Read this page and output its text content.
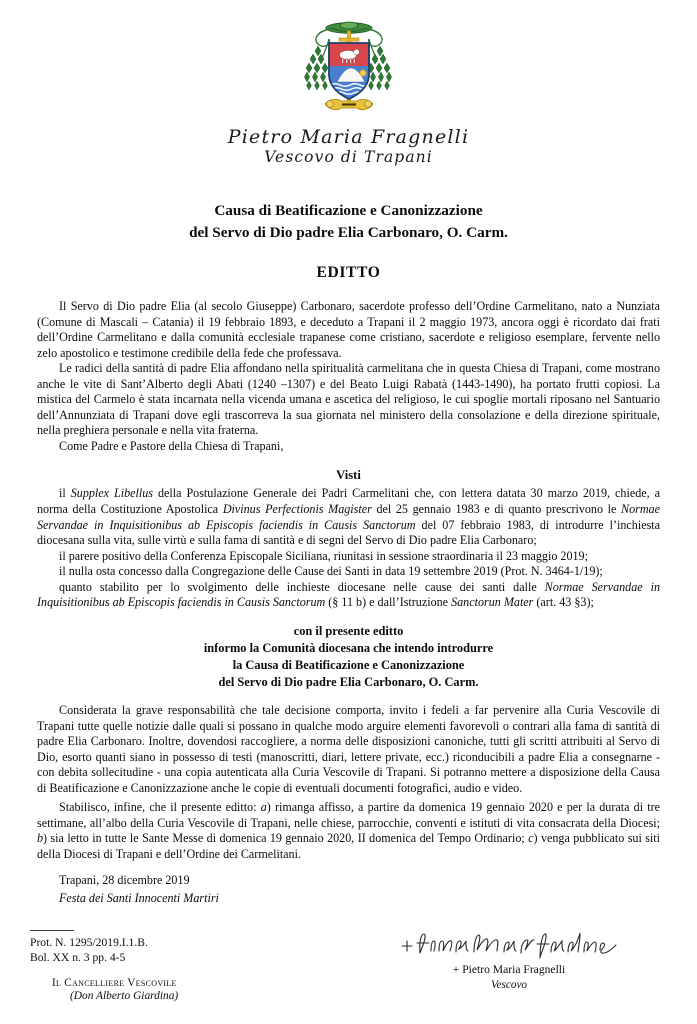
Pietro Maria Fragnelli
Vescovo di Trapani
Causa di Beatificazione e Canonizzazione
del Servo di Dio padre Elia Carbonaro, O. Carm.
EDITTO

Il Servo di Dio padre Elia (al secolo Giuseppe) Carbonaro, sacerdote professo dell’Ordine Carmelitano, nato a Nunziata (Comune di Mascali – Catania) il 19 febbraio 1893, e deceduto a Trapani il 2 maggio 1973, ancora oggi è ricordato dai frati dell’Ordine Carmelitano e dalla comunità ecclesiale trapanese come cristiano, sacerdote e religioso esemplare, fervente nello zelo apostolico e testimone credibile della fede che professava.

Le radici della santità di padre Elia affondano nella spiritualità carmelitana che in questa Chiesa di Trapani, come mostrano anche le vite di Sant’Alberto degli Abati (1240 –1307) e del Beato Luigi Rabatà (1443-1490), ha portato frutti copiosi. La mistica del Carmelo è stata incarnata nella vicenda umana e ascetica del religioso, le cui spoglie mortali riposano nel Santuario dell’Annunziata di Trapani dove egli trascorreva la sua giornata nel ministero della consolazione e della direzione spirituale, nella preghiera personale e nella vita fraterna.

Come Padre e Pastore della Chiesa di Trapani,

Visti

il Supplex Libellus della Postulazione Generale dei Padri Carmelitani che, con lettera datata 30 marzo 2019, chiede, a norma della Costituzione Apostolica Divinus Perfectionis Magister del 25 gennaio 1983 e di quanto prescrivono le Normae Servandae in Inquisitionibus ab Episcopis faciendis in Causis Sanctorum del 07 febbraio 1983, di introdurre l’inchiesta diocesana sulla vita, sulle virtù e sulla fama di santità e di segni del Servo di Dio padre Elia Carbonaro;

il parere positivo della Conferenza Episcopale Siciliana, riunitasi in sessione straordinaria il 23 maggio 2019;

il nulla osta concesso dalla Congregazione delle Cause dei Santi in data 19 settembre 2019 (Prot. N. 3464-1/19);

quanto stabilito per lo svolgimento delle inchieste diocesane nelle cause dei santi dalle Normae Servandae in Inquisitionibus ab Episcopis faciendis in Causis Sanctorum (§ 11 b) e dall’Istruzione Sanctorun Mater (art. 43 §3);

con il presente editto
informo la Comunità diocesana che intendo introdurre
la Causa di Beatificazione e Canonizzazione
del Servo di Dio padre Elia Carbonaro, O. Carm.

Considerata la grave responsabilità che tale decisione comporta, invito i fedeli a far pervenire alla Curia Vescovile di Trapani tutte quelle notizie dalle quali si possano in qualche modo arguire elementi favorevoli o contrari alla fama di santità di padre Elia Carbonaro. Inoltre, dovendosi raccogliere, a norma delle disposizioni canoniche, tutti gli scritti attribuiti al Servo di Dio, esorto quanti siano in possesso di testi (manoscritti, diari, lettere private, ecc.) riconducibili a padre Elia a consegnarne - con debita sollecitudine - una copia autenticata alla Curia Vescovile di Trapani. Si potranno mettere a disposizione della Causa di Beatificazione e Canonizzazione anche le copie di eventuali documenti fotografici, audio e video.

Stabilisco, infine, che il presente editto: a) rimanga affisso, a partire da domenica 19 gennaio 2020 e per la durata di tre settimane, all’albo della Curia Vescovile di Trapani, nelle chiese, parrocchie, conventi e istituti di vita consacrata della Diocesi; b) sia letto in tutte le Sante Messe di domenica 19 gennaio 2020, II domenica del Tempo Ordinario; c) venga pubblicato sui siti della Diocesi di Trapani e dell’Ordine dei Carmelitani.

Trapani, 28 dicembre 2019

Festa dei Santi Innocenti Martiri

+ Pietro Maria Fragnelli
Vescovo
Prot. N. 1295/2019.I.1.B.
Bol. XX n. 3 pp. 4-5
Il Cancelliere Vescovile
(Don Alberto Giardina)
